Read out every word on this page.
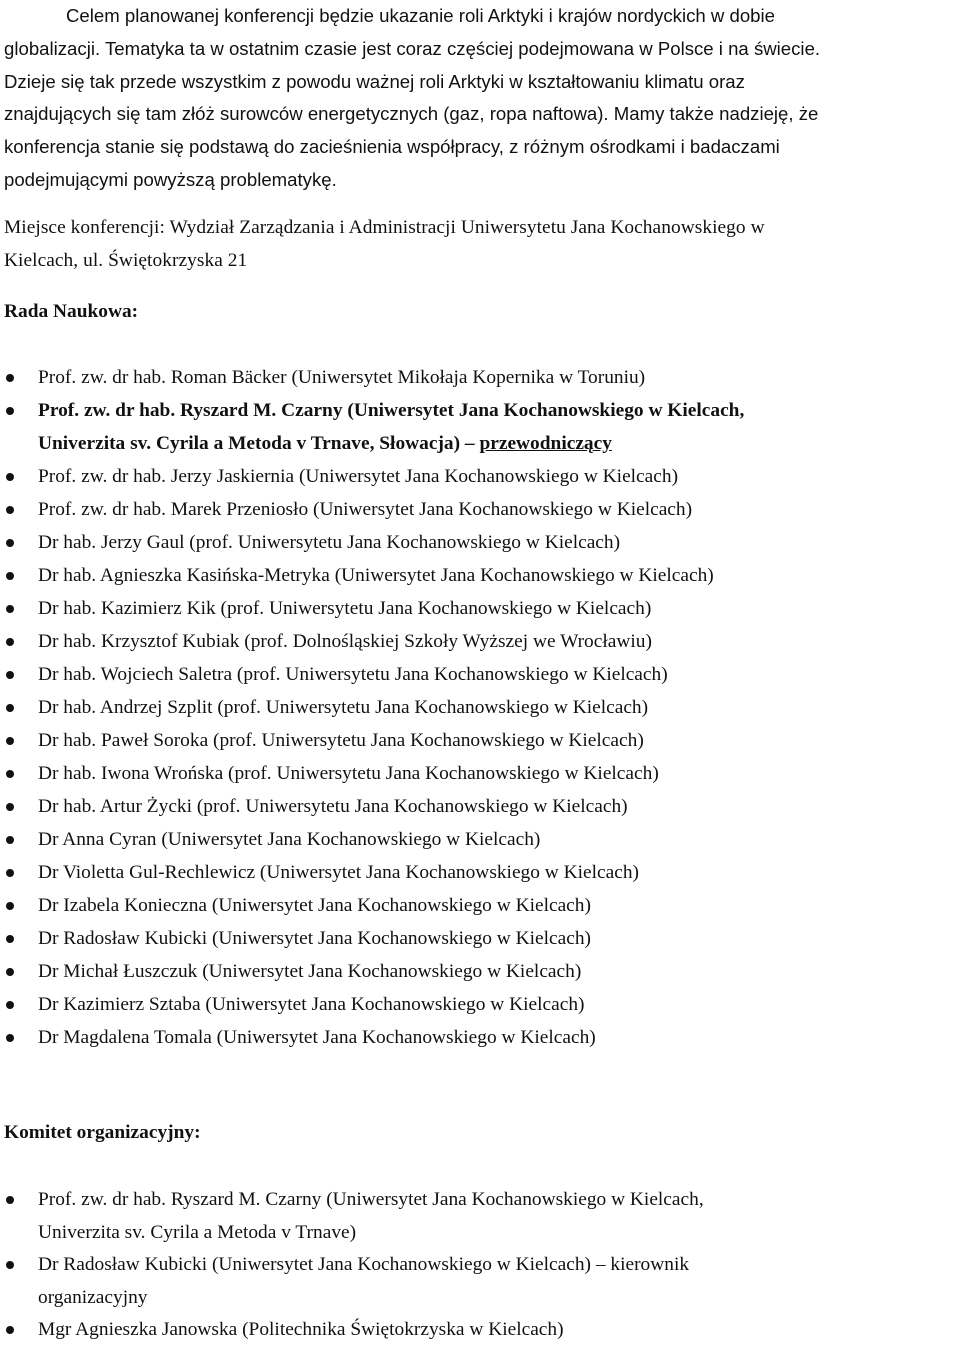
Celem planowanej konferencji będzie ukazanie roli Arktyki i krajów nordyckich w dobie
globalizacji. Tematyka ta w ostatnim czasie jest coraz częściej podejmowana w Polsce i na świecie.
Dzieje się tak przede wszystkim z powodu ważnej roli Arktyki w kształtowaniu klimatu oraz
znajdujących się tam złóż surowców energetycznych (gaz, ropa naftowa). Mamy także nadzieję, że
konferencja stanie się podstawą do zacieśnienia współpracy, z różnym ośrodkami i badaczami
podejmującymi powyższą problematykę.
Miejsce konferencji: Wydział Zarządzania i Administracji Uniwersytetu Jana Kochanowskiego w
Kielcach, ul. Świętokrzyska 21
Rada Naukowa:
Prof. zw. dr hab. Roman Bäcker (Uniwersytet Mikołaja Kopernika w Toruniu)
Prof. zw. dr hab. Ryszard M. Czarny (Uniwersytet Jana Kochanowskiego w Kielcach,
Univerzita sv. Cyrila a Metoda v Trnave, Słowacja) – przewodniczący
Prof. zw. dr hab. Jerzy Jaskiernia (Uniwersytet Jana Kochanowskiego w Kielcach)
Prof. zw. dr hab. Marek Przeniosło (Uniwersytet Jana Kochanowskiego w Kielcach)
Dr hab. Jerzy Gaul (prof. Uniwersytetu Jana Kochanowskiego w Kielcach)
Dr hab. Agnieszka Kasińska-Metryka (Uniwersytet Jana Kochanowskiego w Kielcach)
Dr hab. Kazimierz Kik (prof. Uniwersytetu Jana Kochanowskiego w Kielcach)
Dr hab. Krzysztof Kubiak (prof. Dolnośląskiej Szkoły Wyższej we Wrocławiu)
Dr hab. Wojciech Saletra (prof. Uniwersytetu Jana Kochanowskiego w Kielcach)
Dr hab. Andrzej Szplit (prof. Uniwersytetu Jana Kochanowskiego w Kielcach)
Dr hab. Paweł Soroka (prof. Uniwersytetu Jana Kochanowskiego w Kielcach)
Dr hab. Iwona Wrońska (prof. Uniwersytetu Jana Kochanowskiego w Kielcach)
Dr hab. Artur Życki (prof. Uniwersytetu Jana Kochanowskiego w Kielcach)
Dr Anna Cyran (Uniwersytet Jana Kochanowskiego w Kielcach)
Dr Violetta Gul-Rechlewicz (Uniwersytet Jana Kochanowskiego w Kielcach)
Dr Izabela Konieczna (Uniwersytet Jana Kochanowskiego w Kielcach)
Dr Radosław Kubicki (Uniwersytet Jana Kochanowskiego w Kielcach)
Dr Michał Łuszczuk (Uniwersytet Jana Kochanowskiego w Kielcach)
Dr Kazimierz Sztaba (Uniwersytet Jana Kochanowskiego w Kielcach)
Dr Magdalena Tomala (Uniwersytet Jana Kochanowskiego w Kielcach)
Komitet organizacyjny:
Prof. zw. dr hab. Ryszard M. Czarny (Uniwersytet Jana Kochanowskiego w Kielcach,
Univerzita sv. Cyrila a Metoda v Trnave)
Dr Radosław Kubicki (Uniwersytet Jana Kochanowskiego w Kielcach) – kierownik
organizacyjny
Mgr Agnieszka Janowska (Politechnika Świętokrzyska w Kielcach)
